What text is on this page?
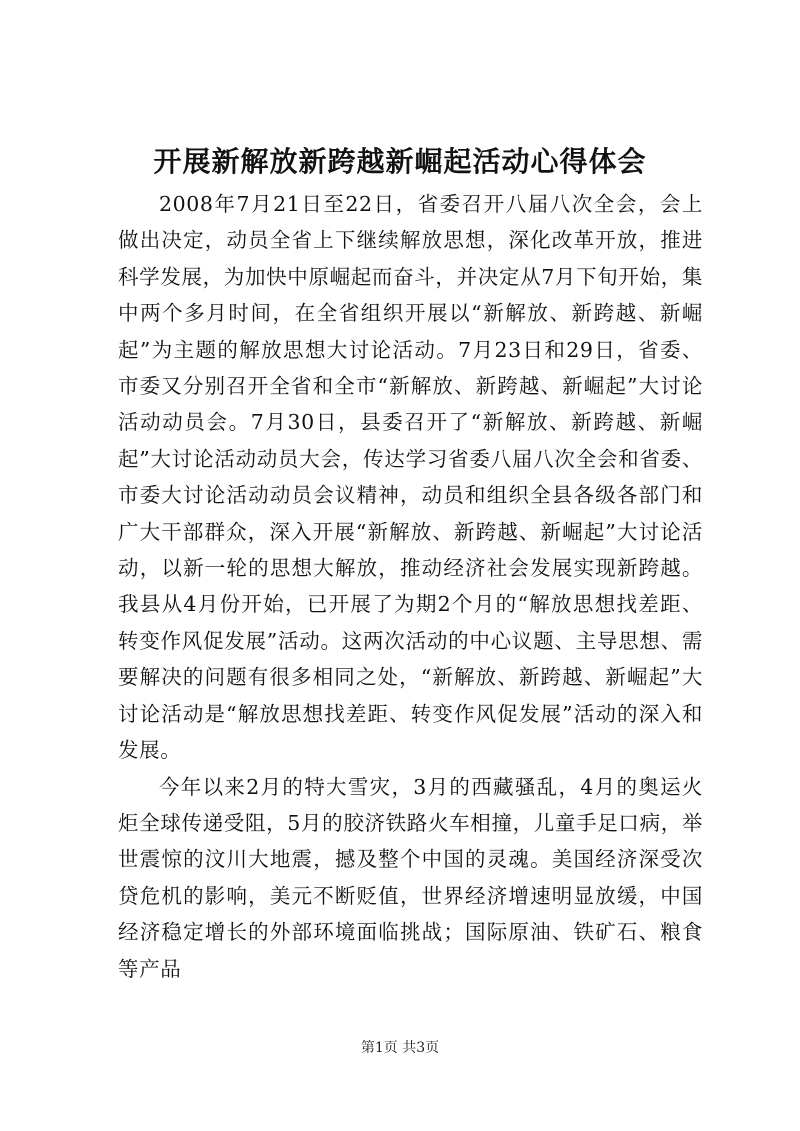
开展新解放新跨越新崛起活动心得体会

2008年7月21日至22日，省委召开八届八次全会，会上做出决定，动员全省上下继续解放思想，深化改革开放，推进科学发展，为加快中原崛起而奋斗，并决定从7月下旬开始，集中两个多月时间，在全省组织开展以“新解放、新跨越、新崛起”为主题的解放思想大讨论活动。7月23日和29日，省委、市委又分别召开全省和全市“新解放、新跨越、新崛起”大讨论活动动员会。7月30日，县委召开了“新解放、新跨越、新崛起”大讨论活动动员大会，传达学习省委八届八次全会和省委、市委大讨论活动动员会议精神，动员和组织全县各级各部门和广大干部群众，深入开展“新解放、新跨越、新崛起”大讨论活动，以新一轮的思想大解放，推动经济社会发展实现新跨越。我县从4月份开始，已开展了为期2个月的“解放思想找差距、转变作风促发展”活动。这两次活动的中心议题、主导思想、需要解决的问题有很多相同之处，“新解放、新跨越、新崛起”大讨论活动是“解放思想找差距、转变作风促发展”活动的深入和发展。

今年以来2月的特大雪灾，3月的西藏骚乱，4月的奥运火炬全球传递受阻，5月的胶济铁路火车相撞，儿童手足口病，举世震惊的汶川大地震，撼及整个中国的灵魂。美国经济深受次贷危机的影响，美元不断贬值，世界经济增速明显放缓，中国经济稳定增长的外部环境面临挑战；国际原油、铁矿石、粮食等产品

第1页 共3页
